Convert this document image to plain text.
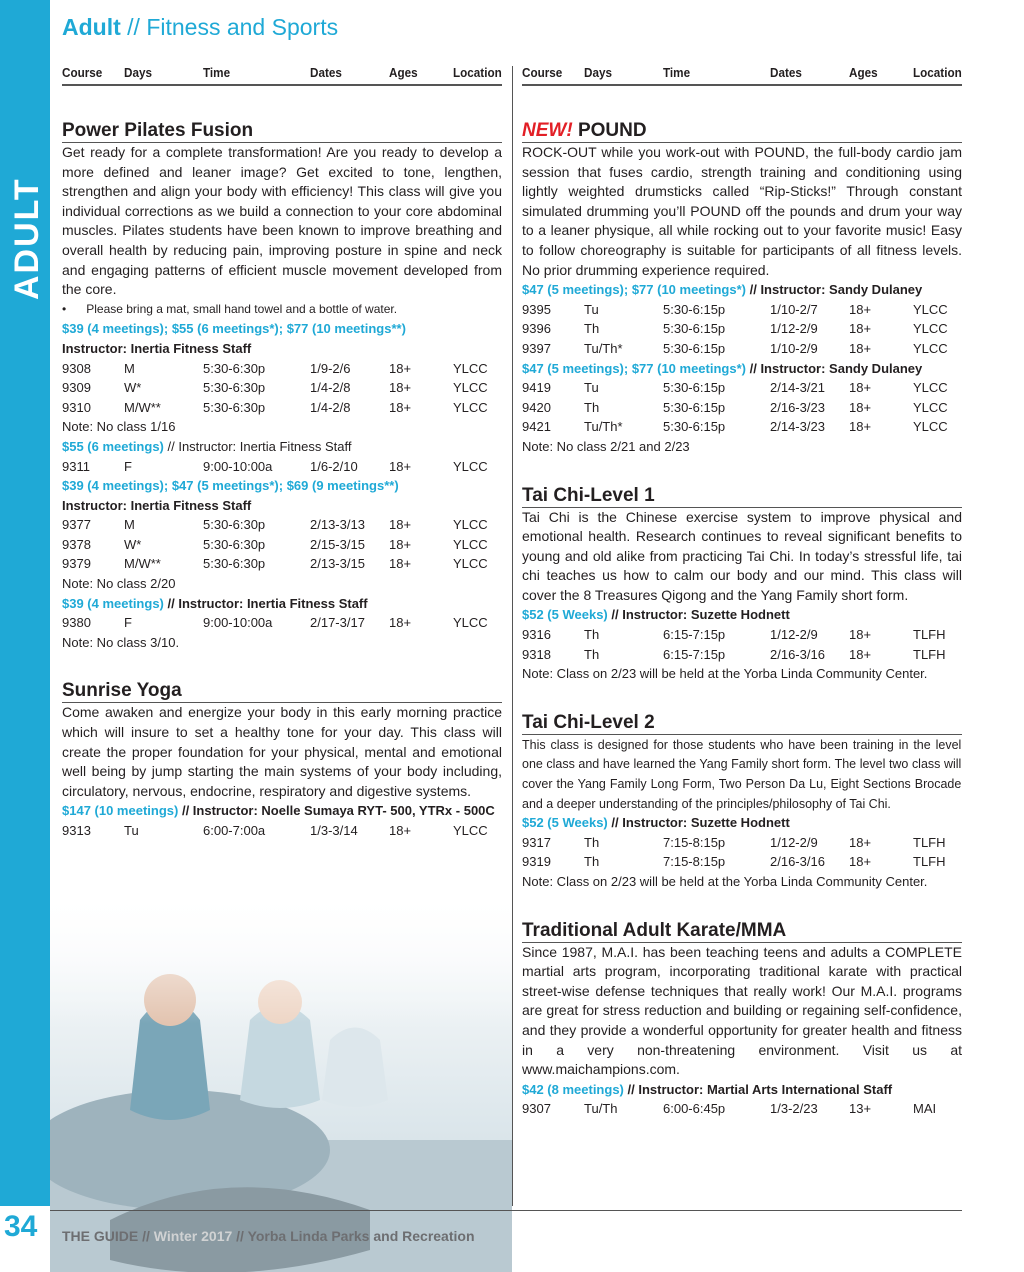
ADULT
34
Adult // Fitness and Sports
Course Days	Time	Dates	Ages	Location Course Days	Time	Dates	Ages	Location
Power Pilates Fusion

Get ready for a complete transformation! Are you ready to develop a more defined and leaner image? Get excited to tone, lengthen, strengthen and align your body with efficiency! This class will give you individual corrections as we build a connection to your core abdominal muscles. Pilates students have been known to improve breathing and overall health by reducing pain, improving posture in spine and neck and engaging patterns of efficient muscle movement developed from the core.

•      Please bring a mat, small hand towel and a bottle of water.
$39 (4 meetings); $55 (6 meetings*); $77 (10 meetings**)
Instructor: Inertia Fitness Staff
9308	M	5:30-6:30p	1/9-2/6	18+	YLCC
9309	W*	5:30-6:30p	1/4-2/8	18+	YLCC
9310	M/W**	5:30-6:30p	1/4-2/8	18+	YLCC
Note: No class 1/16
$55 (6 meetings) // Instructor: Inertia Fitness Staff
9311	F	9:00-10:00a	1/6-2/10 18+	YLCC
$39 (4 meetings); $47 (5 meetings*); $69 (9 meetings**)
Instructor: Inertia Fitness Staff
9377	M	5:30-6:30p	2/13-3/13 18+	YLCC
9378	W*	5:30-6:30p	2/15-3/15 18+	YLCC
9379	M/W**	5:30-6:30p	2/13-3/15 18+	YLCC
Note: No class 2/20
$39 (4 meetings) // Instructor: Inertia Fitness Staff
9380	F	9:00-10:00a	2/17-3/17 18+	YLCC
Note: No class 3/10.
Sunrise Yoga

Come awaken and energize your body in this early morning practice which will insure to set a healthy tone for your day. This class will create the proper foundation for your physical, mental and emotional well being by jump starting the main systems of your body including, circulatory, nervous, endocrine, respiratory and digestive systems.

$147 (10 meetings) // Instructor: Noelle Sumaya RYT- 500, YTRx - 500C
9313	Tu	6:00-7:00a	1/3-3/14 18+	YLCC
NEW! POUND

ROCK-OUT while you work-out with POUND, the full-body cardio jam session that fuses cardio, strength training and conditioning using lightly weighted drumsticks called “Rip-Sticks!” Through constant simulated drumming you’ll POUND off the pounds and drum your way to a leaner physique, all while rocking out to your favorite music! Easy to follow choreography is suitable for participants of all fitness levels. No prior drumming experience required.

$47 (5 meetings); $77 (10 meetings*) // Instructor: Sandy Dulaney
9395	Tu	5:30-6:15p	1/10-2/7 18+	YLCC
9396	Th	5:30-6:15p	1/12-2/9 18+	YLCC
9397	Tu/Th*	5:30-6:15p	1/10-2/9 18+	YLCC
$47 (5 meetings); $77 (10 meetings*) // Instructor: Sandy Dulaney
9419	Tu	5:30-6:15p	2/14-3/21 18+	YLCC
9420	Th	5:30-6:15p	2/16-3/23 18+	YLCC
9421	Tu/Th*	5:30-6:15p	2/14-3/23 18+	YLCC
Note: No class 2/21 and 2/23
Tai Chi-Level 1

Tai Chi is the Chinese exercise system to improve physical and emotional health. Research continues to reveal significant benefits to young and old alike from practicing Tai Chi. In today’s stressful life, tai chi teaches us how to calm our body and our mind. This class will cover the 8 Treasures Qigong and the Yang Family short form.

$52 (5 Weeks) // Instructor: Suzette Hodnett
9316	Th	6:15-7:15p	1/12-2/9 18+	TLFH
9318	Th	6:15-7:15p	2/16-3/16 18+	TLFH
Note: Class on 2/23 will be held at the Yorba Linda Community Center.
Tai Chi-Level 2

This class is designed for those students who have been training in the level one class and have learned the Yang Family short form. The level two class will cover the Yang Family Long Form, Two Person Da Lu, Eight Sections Brocade and a deeper understanding of the principles/philosophy of Tai Chi.

$52 (5 Weeks) // Instructor: Suzette Hodnett
9317	Th	7:15-8:15p	1/12-2/9 18+	TLFH
9319	Th	7:15-8:15p	2/16-3/16 18+	TLFH
Note: Class on 2/23 will be held at the Yorba Linda Community Center.
Traditional Adult Karate/MMA

Since 1987, M.A.I. has been teaching teens and adults a COMPLETE martial arts program, incorporating traditional karate with practical street-wise defense techniques that really work! Our M.A.I. programs are great for stress reduction and building or regaining self-confidence, and they provide a wonderful opportunity for greater health and fitness in a very non-threatening environment. Visit us at www.maichampions.com.

$42 (8 meetings) // Instructor: Martial Arts International Staff
9307	Tu/Th	6:00-6:45p	1/3-2/23 13+	MAI
THE GUIDE // Winter 2017 // Yorba Linda Parks and Recreation
